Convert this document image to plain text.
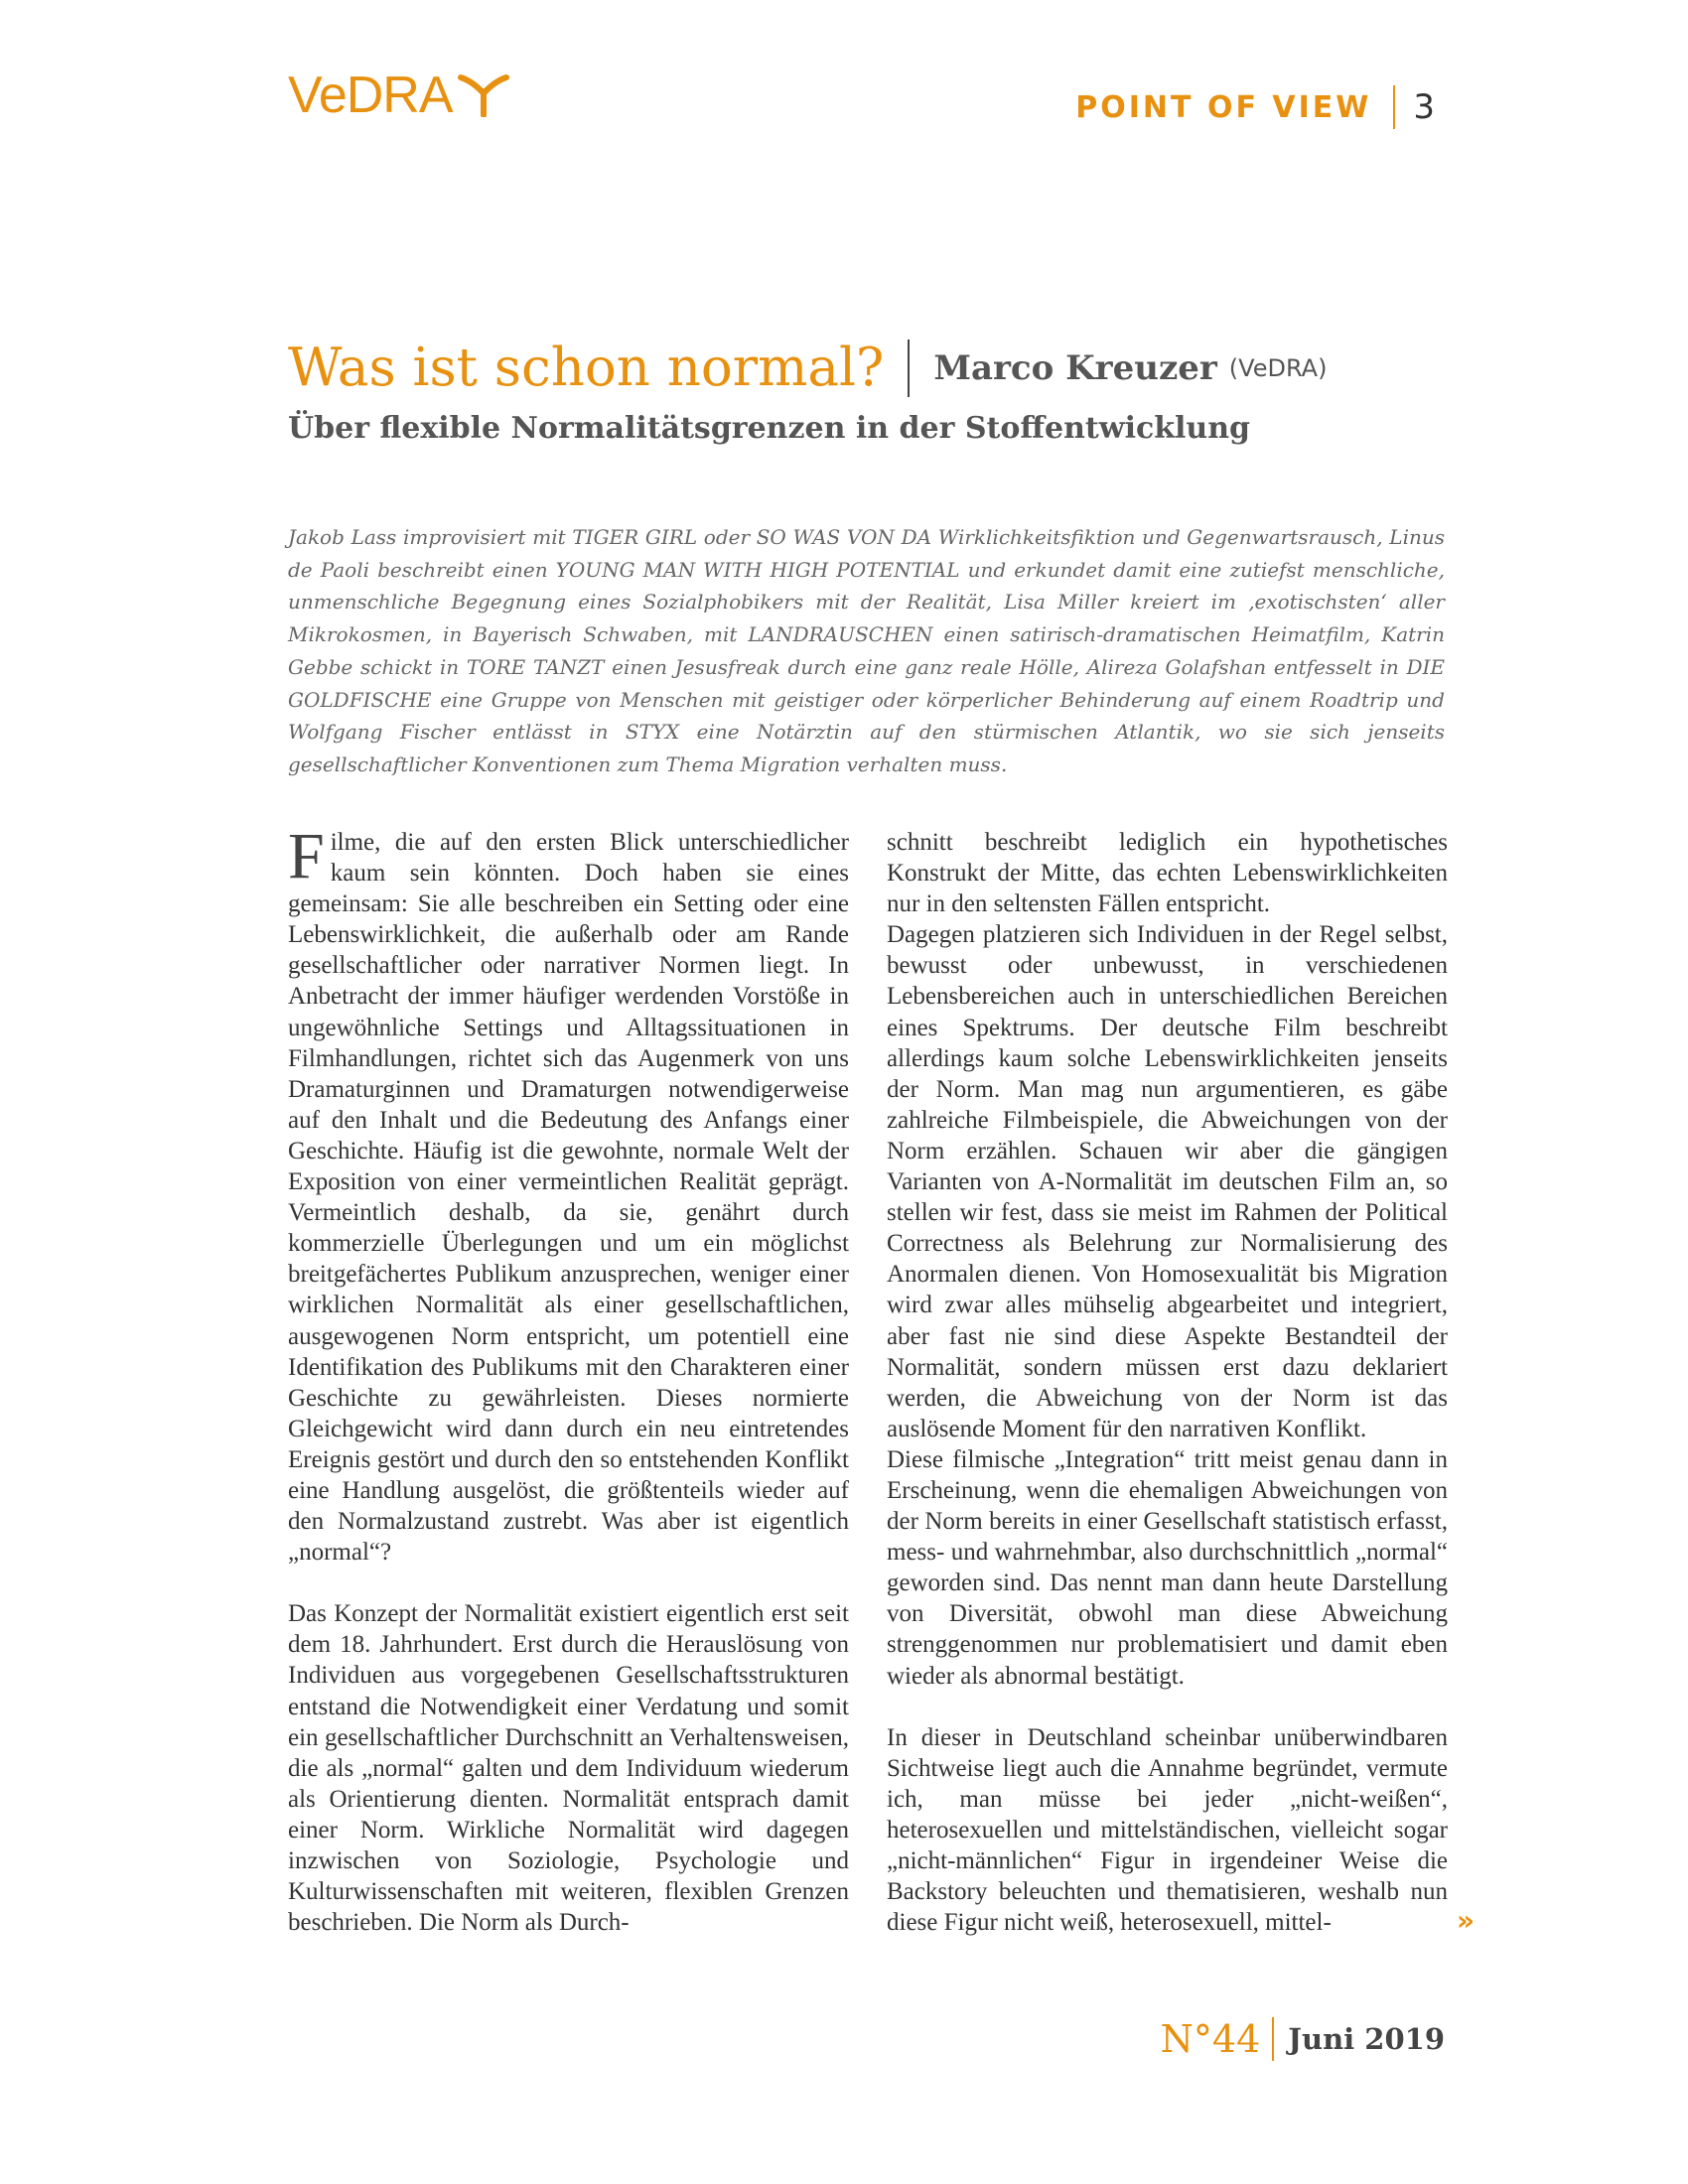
VeDRA	POINT OF VIEW 3
Was ist schon normal? Marco Kreuzer (VeDRA)
Über flexible Normalitätsgrenzen in der Stoffentwicklung

Jakob Lass improvisiert mit TIGER GIRL oder SO WAS VON DA Wirklichkeitsfiktion und Gegenwartsrausch, Linus de Paoli beschreibt einen YOUNG MAN WITH HIGH POTENTIAL und erkundet damit eine zutiefst menschliche, unmenschliche Begegnung eines Sozialphobikers mit der Realität, Lisa Miller kreiert im ‚exotischsten‘ aller Mikrokosmen, in Bayerisch Schwaben, mit LANDRAUSCHEN einen satirisch-dramatischen Heimatfilm, Katrin Gebbe schickt in TORE TANZT einen Jesusfreak durch eine ganz reale Hölle, Alireza Golafshan entfesselt in DIE GOLDFISCHE eine Gruppe von Menschen mit geistiger oder körperlicher Behinderung auf einem Roadtrip und Wolfgang Fischer entlässt in STYX eine Notärztin auf den stürmischen Atlantik, wo sie sich jenseits gesellschaftlicher Konventionen zum Thema Migration verhalten muss.

Filme, die auf den ersten Blick unterschiedlicher kaum sein könnten. Doch haben sie eines gemeinsam: Sie alle beschreiben ein Setting oder eine Lebenswirklichkeit, die außerhalb oder am Rande gesellschaftlicher oder narrativer Normen liegt. In Anbetracht der immer häufiger werdenden Vorstöße in ungewöhnliche Settings und Alltagssituationen in Filmhandlungen, richtet sich das Augenmerk von uns Dramaturginnen und Dramaturgen notwendigerweise auf den Inhalt und die Bedeutung des Anfangs einer Geschichte. Häufig ist die gewohnte, normale Welt der Exposition von einer vermeintlichen Realität geprägt. Vermeintlich deshalb, da sie, genährt durch kommerzielle Überlegungen und um ein möglichst breitgefächertes Publikum anzusprechen, weniger einer wirklichen Normalität als einer gesellschaftlichen, ausgewogenen Norm entspricht, um potentiell eine Identifikation des Publikums mit den Charakteren einer Geschichte zu gewährleisten. Dieses normierte Gleichgewicht wird dann durch ein neu eintretendes Ereignis gestört und durch den so entstehenden Konflikt eine Handlung ausgelöst, die größtenteils wieder auf den Normalzustand zustrebt. Was aber ist eigentlich „normal“?

Das Konzept der Normalität existiert eigentlich erst seit dem 18. Jahrhundert. Erst durch die Herauslösung von Individuen aus vorgegebenen Gesellschaftsstrukturen entstand die Notwendigkeit einer Verdatung und somit ein gesellschaftlicher Durchschnitt an Verhaltensweisen, die als „normal“ galten und dem Individuum wiederum als Orientierung dienten. Normalität entsprach damit einer Norm. Wirkliche Normalität wird dagegen inzwischen von Soziologie, Psychologie und Kulturwissenschaften mit weiteren, flexiblen Grenzen beschrieben. Die Norm als Durch-

schnitt beschreibt lediglich ein hypothetisches Konstrukt der Mitte, das echten Lebenswirklichkeiten nur in den seltensten Fällen entspricht.

Dagegen platzieren sich Individuen in der Regel selbst, bewusst oder unbewusst, in verschiedenen Lebensbereichen auch in unterschiedlichen Bereichen eines Spektrums. Der deutsche Film beschreibt allerdings kaum solche Lebenswirklichkeiten jenseits der Norm. Man mag nun argumentieren, es gäbe zahlreiche Filmbeispiele, die Abweichungen von der Norm erzählen. Schauen wir aber die gängigen Varianten von A-Normalität im deutschen Film an, so stellen wir fest, dass sie meist im Rahmen der Political Correctness als Belehrung zur Normalisierung des Anormalen dienen. Von Homosexualität bis Migration wird zwar alles mühselig abgearbeitet und integriert, aber fast nie sind diese Aspekte Bestandteil der Normalität, sondern müssen erst dazu deklariert werden, die Abweichung von der Norm ist das auslösende Moment für den narrativen Konflikt.

Diese filmische „Integration“ tritt meist genau dann in Erscheinung, wenn die ehemaligen Abweichungen von der Norm bereits in einer Gesellschaft statistisch erfasst, mess- und wahrnehmbar, also durchschnittlich „normal“ geworden sind. Das nennt man dann heute Darstellung von Diversität, obwohl man diese Abweichung strenggenommen nur problematisiert und damit eben wieder als abnormal bestätigt.

In dieser in Deutschland scheinbar unüberwindbaren Sichtweise liegt auch die Annahme begründet, vermute ich, man müsse bei jeder „nicht-weißen“, heterosexuellen und mittelständischen, vielleicht sogar „nicht-männlichen“ Figur in irgendeiner Weise die Backstory beleuchten und thematisieren, weshalb nun diese Figur nicht weiß, heterosexuell, mittel-	»
N°44 Juni 2019
